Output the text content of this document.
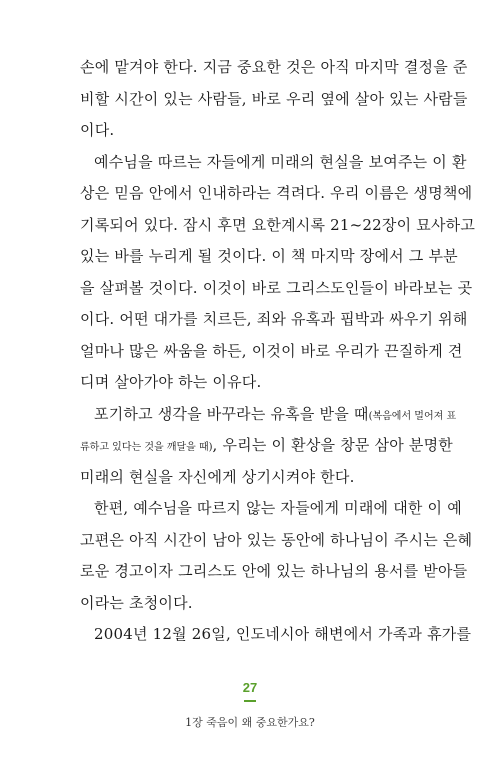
손에 맡겨야 한다. 지금 중요한 것은 아직 마지막 결정을 준
비할 시간이 있는 사람들, 바로 우리 옆에 살아 있는 사람들
이다.
예수님을 따르는 자들에게 미래의 현실을 보여주는 이 환
상은 믿음 안에서 인내하라는 격려다. 우리 이름은 생명책에
기록되어 있다. 잠시 후면 요한계시록 21~22장이 묘사하고
있는 바를 누리게 될 것이다. 이 책 마지막 장에서 그 부분
을 살펴볼 것이다. 이것이 바로 그리스도인들이 바라보는 곳
이다. 어떤 대가를 치르든, 죄와 유혹과 핍박과 싸우기 위해
얼마나 많은 싸움을 하든, 이것이 바로 우리가 끈질하게 견
디며 살아가야 하는 이유다.
포기하고 생각을 바꾸라는 유혹을 받을 때(복음에서 멀어져 표
류하고 있다는 것을 깨달을 때), 우리는 이 환상을 창문 삼아 분명한
미래의 현실을 자신에게 상기시켜야 한다.
한편, 예수님을 따르지 않는 자들에게 미래에 대한 이 예
고편은 아직 시간이 남아 있는 동안에 하나님이 주시는 은혜
로운 경고이자 그리스도 안에 있는 하나님의 용서를 받아들
이라는 초청이다.
2004년 12월 26일, 인도네시아 해변에서 가족과 휴가를
27
1장 죽음이 왜 중요한가요?
